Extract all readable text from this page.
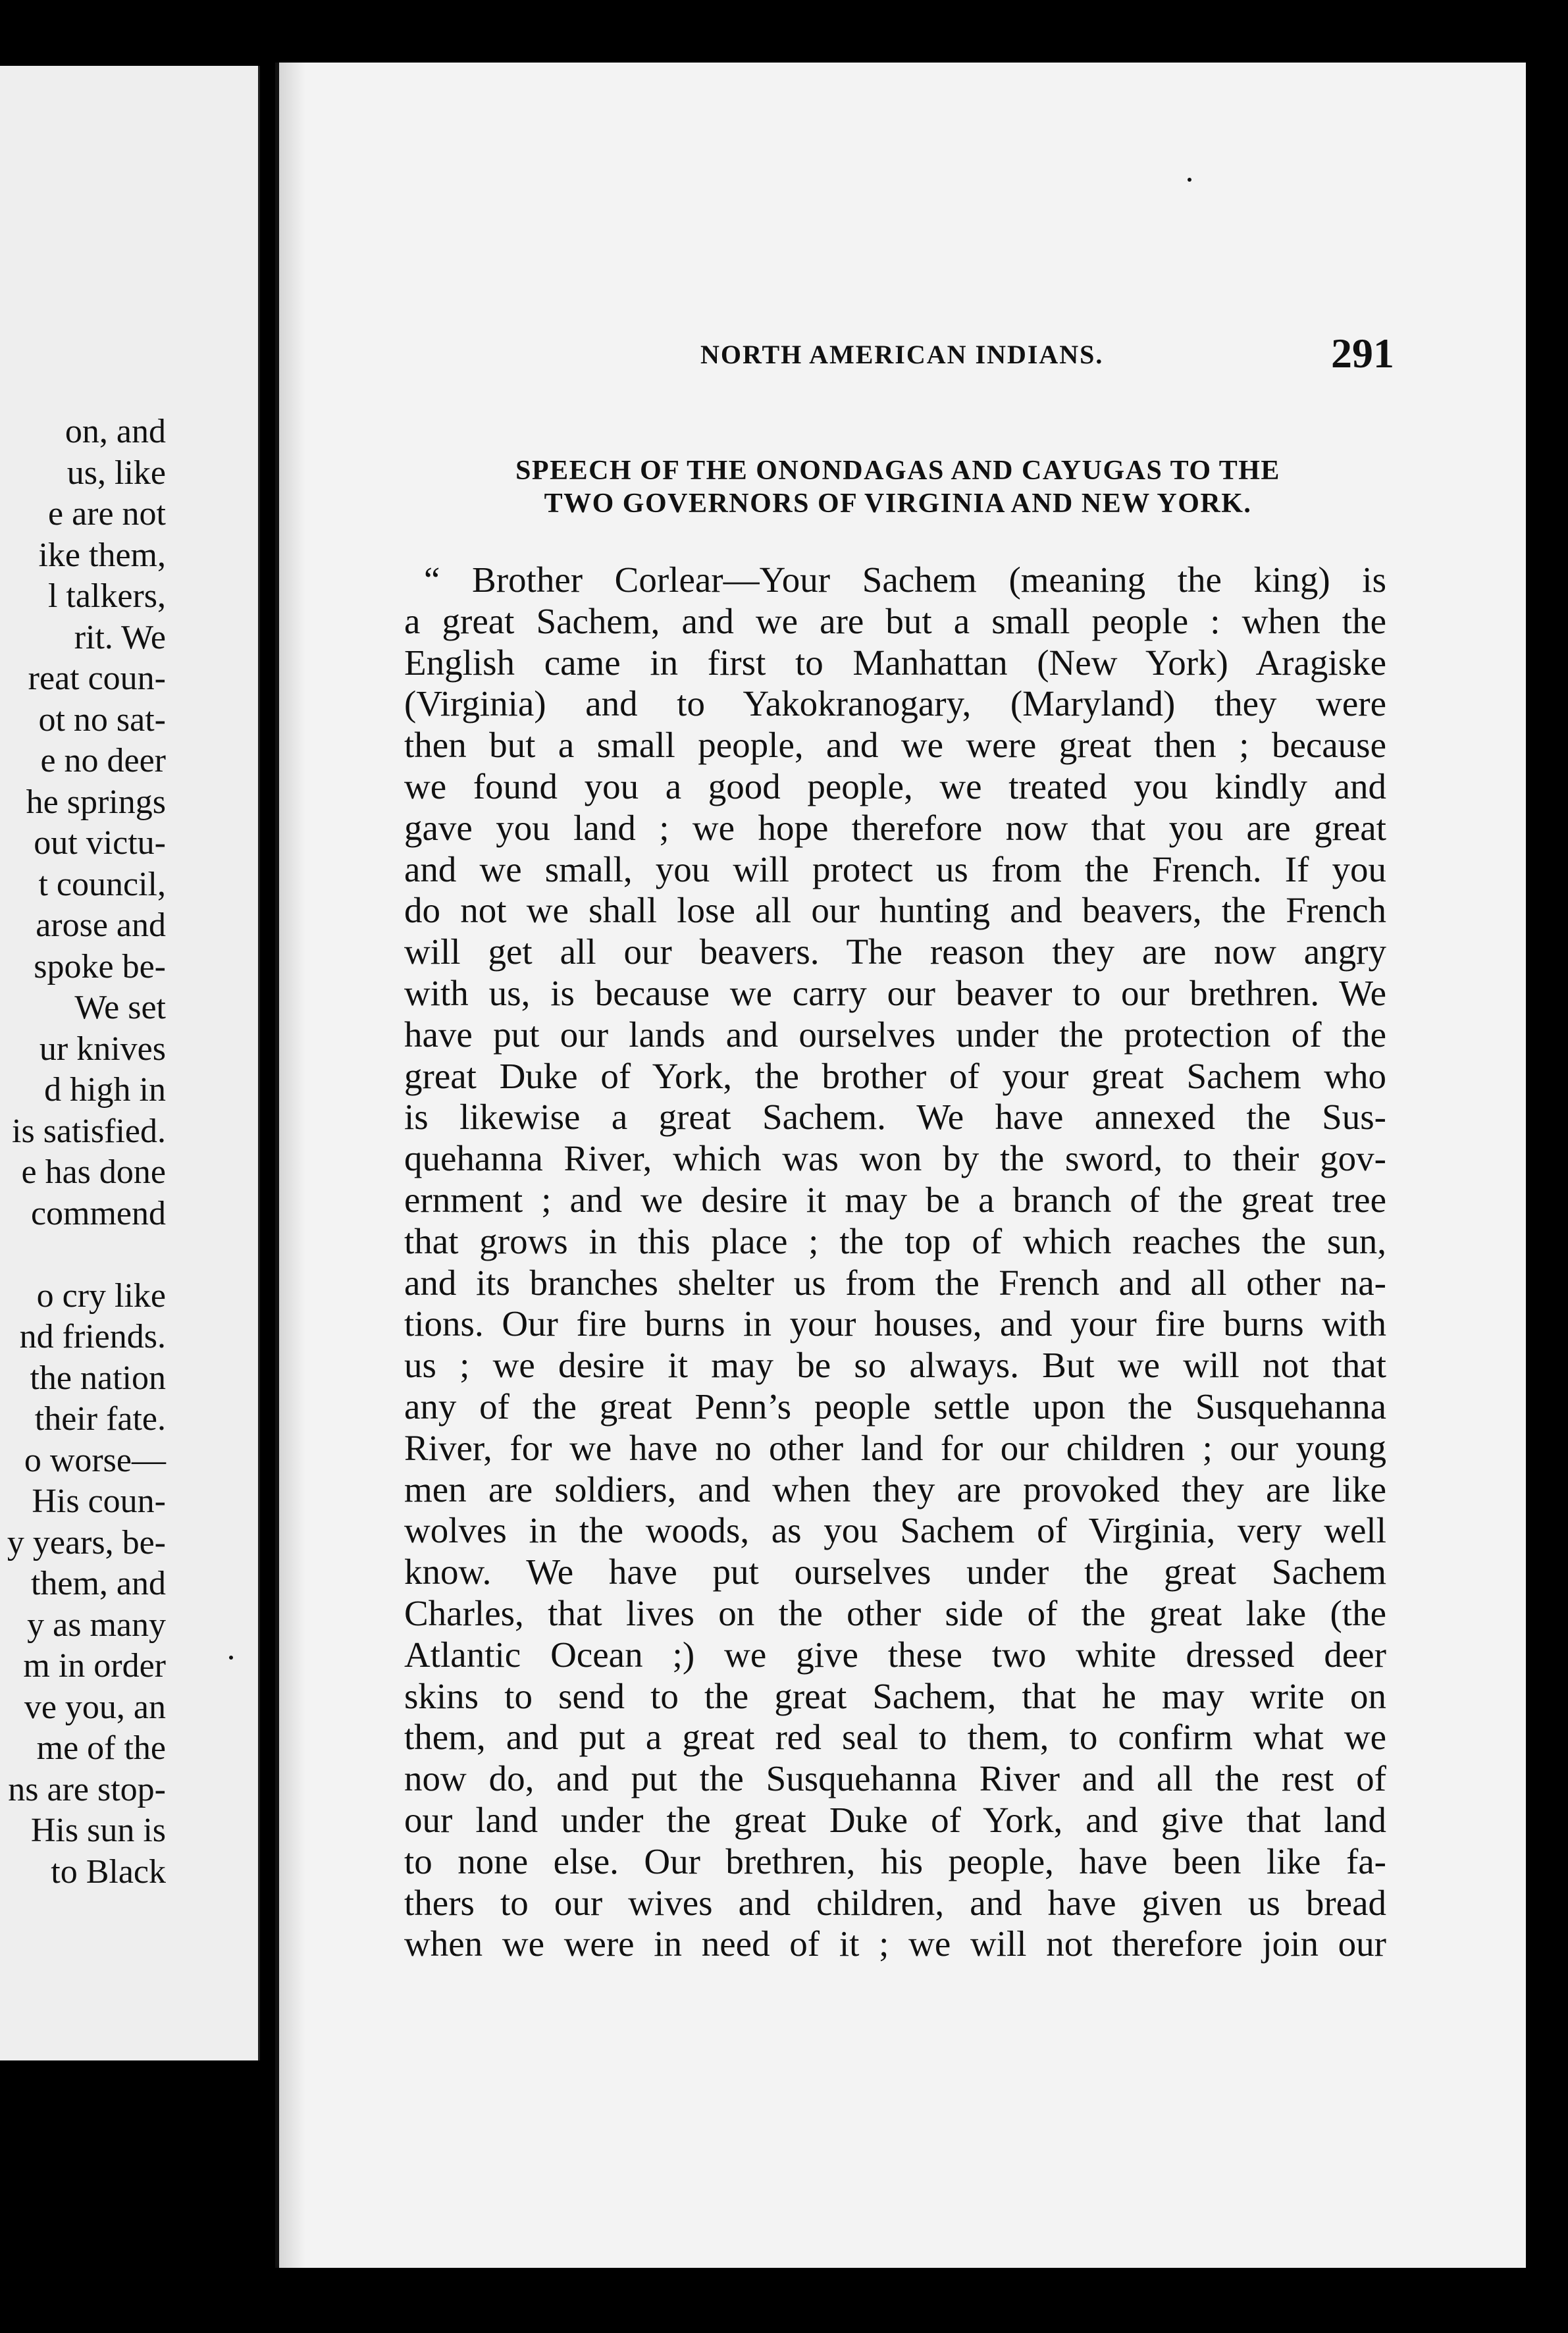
on, and
us, like
e are not
ike them,
l talkers,
rit. We
reat coun-
ot no sat-
e no deer
he springs
out victu-
t council,
arose and
spoke be-
We set
ur knives
d high in
is satisfied.
e has done
commend
o cry like
nd friends.
the nation
their fate.
o worse—
His coun-
y years, be-
them, and
y as many
m in order
ve you, an
me of the
ns are stop-
His sun is
to Black
NORTH AMERICAN INDIANS.	291
SPEECH OF THE ONONDAGAS AND CAYUGAS TO THE
TWO GOVERNORS OF VIRGINIA AND NEW YORK.
“ Brother Corlear—Your Sachem (meaning the king) is
a great Sachem, and we are but a small people : when the
English came in first to Manhattan (New York) Aragiske
(Virginia) and to Yakokranogary, (Maryland) they were
then but a small people, and we were great then ; because
we found you a good people, we treated you kindly and
gave you land ; we hope therefore now that you are great
and we small, you will protect us from the French. If you
do not we shall lose all our hunting and beavers, the French
will get all our beavers. The reason they are now angry
with us, is because we carry our beaver to our brethren. We
have put our lands and ourselves under the protection of the
great Duke of York, the brother of your great Sachem who
is likewise a great Sachem. We have annexed the Sus-
quehanna River, which was won by the sword, to their gov-
ernment ; and we desire it may be a branch of the great tree
that grows in this place ; the top of which reaches the sun,
and its branches shelter us from the French and all other na-
tions. Our fire burns in your houses, and your fire burns with
us ; we desire it may be so always. But we will not that
any of the great Penn’s people settle upon the Susquehanna
River, for we have no other land for our children ; our young
men are soldiers, and when they are provoked they are like
wolves in the woods, as you Sachem of Virginia, very well
know. We have put ourselves under the great Sachem
Charles, that lives on the other side of the great lake (the
Atlantic Ocean ;) we give these two white dressed deer
skins to send to the great Sachem, that he may write on
them, and put a great red seal to them, to confirm what we
now do, and put the Susquehanna River and all the rest of
our land under the great Duke of York, and give that land
to none else. Our brethren, his people, have been like fa-
thers to our wives and children, and have given us bread
when we were in need of it ; we will not therefore join our
